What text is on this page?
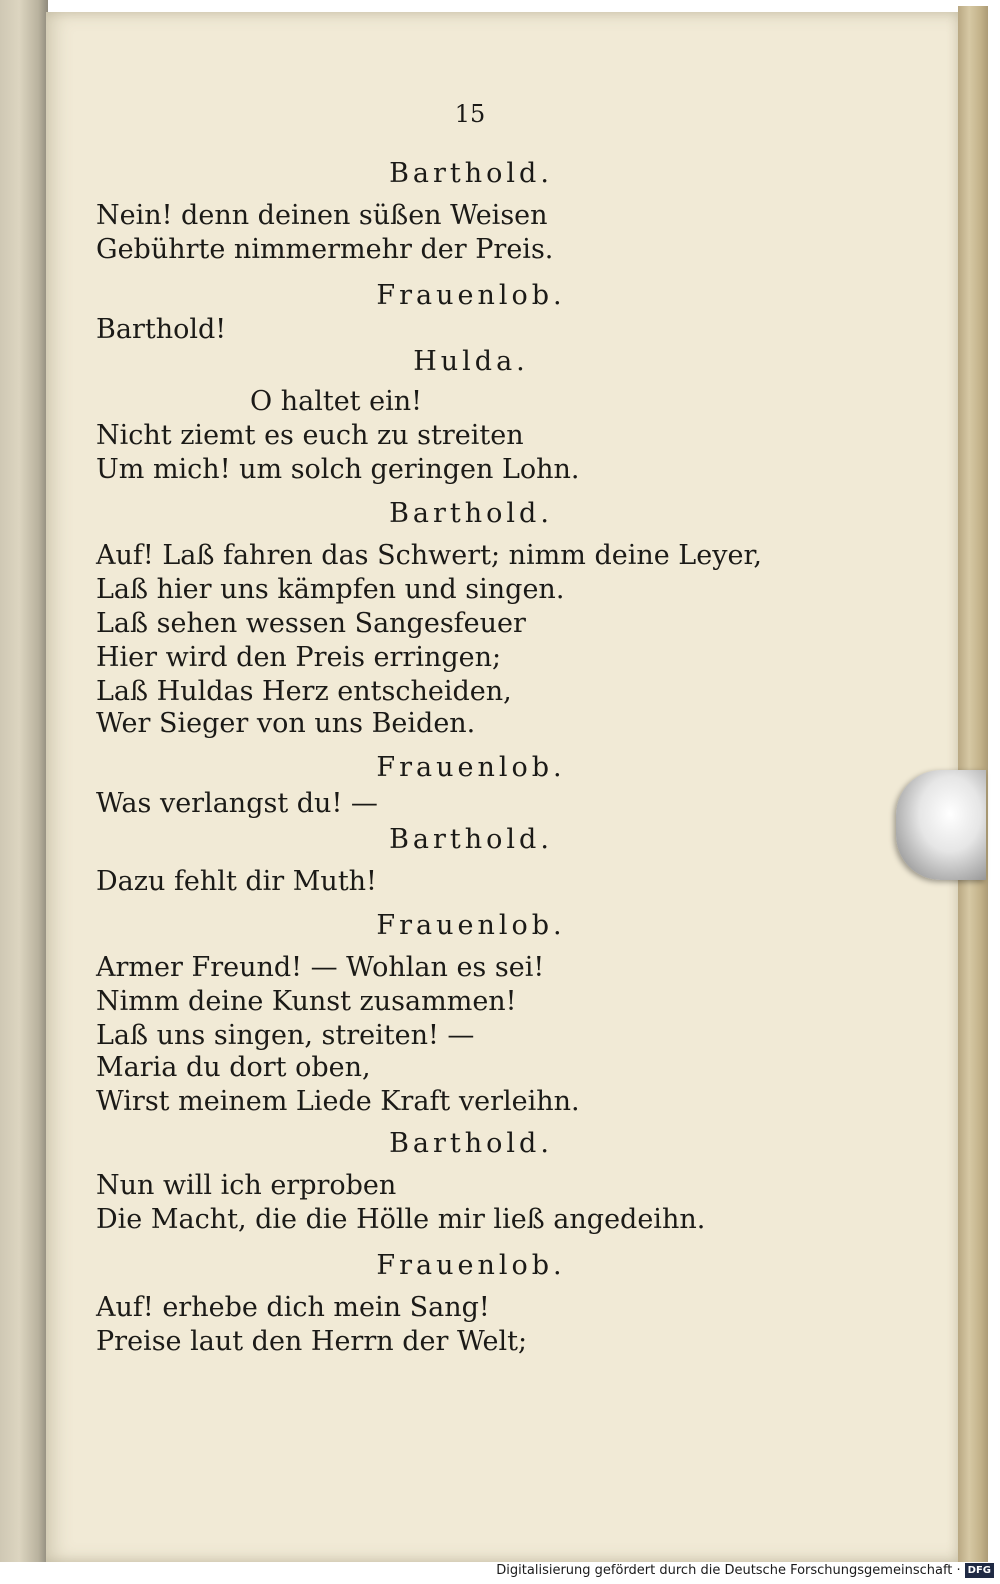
15
Barthold.
Nein! denn deinen süßen Weisen
Gebührte nimmermehr der Preis.
Frauenlob.
Barthold!
Hulda.
O haltet ein!
Nicht ziemt es euch zu streiten
Um mich! um solch geringen Lohn.
Barthold.
Auf! Laß fahren das Schwert; nimm deine Leyer,
Laß hier uns kämpfen und singen.
Laß sehen wessen Sangesfeuer
Hier wird den Preis erringen;
Laß Huldas Herz entscheiden,
Wer Sieger von uns Beiden.
Frauenlob.
Was verlangst du! —
Barthold.
Dazu fehlt dir Muth!
Frauenlob.
Armer Freund! — Wohlan es sei!
Nimm deine Kunst zusammen!
Laß uns singen, streiten! —
Maria du dort oben,
Wirst meinem Liede Kraft verleihn.
Barthold.
Nun will ich erproben
Die Macht, die die Hölle mir ließ angedeihn.
Frauenlob.
Auf! erhebe dich mein Sang!
Preise laut den Herrn der Welt;
Digitalisierung gefördert durch die Deutsche Forschungsgemeinschaft · DFG
